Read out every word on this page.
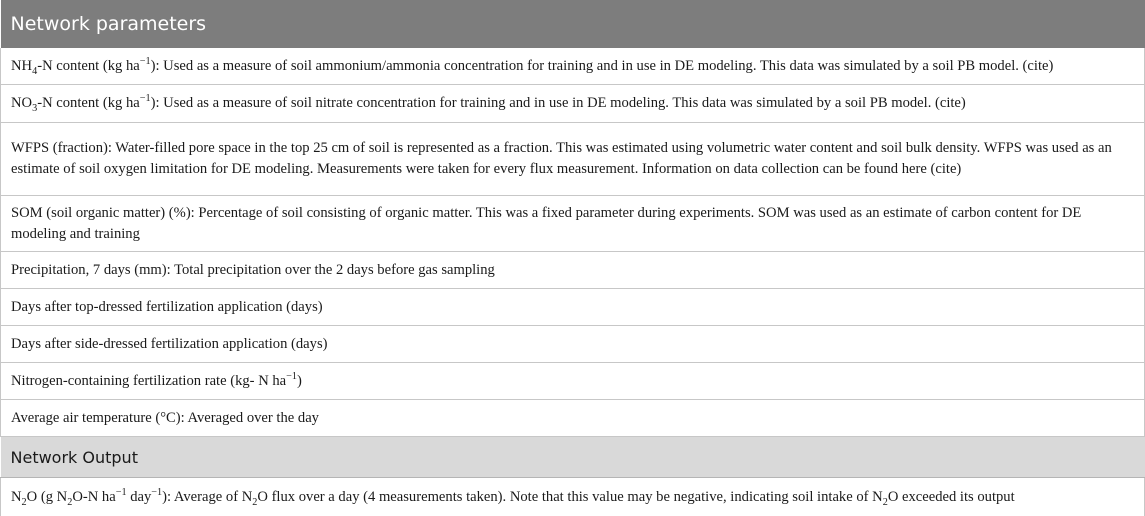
Network parameters
$NH_4-N$ content (kg $ha^{-1}$): Used as a measure of soil ammonium/ammonia concentration for training and in use in DE modeling. This data was simulated by a soil PB model. (cite)
$NO_3-N$ content (kg $ha^{-1}$): Used as a measure of soil nitrate concentration for training and in use in DE modeling. This data was simulated by a soil PB model. (cite)
WFPS (fraction): Water-filled pore space in the top 25 cm of soil is represented as a fraction. This was estimated using volumetric water content and soil bulk density. WFPS was used as an estimate of soil oxygen limitation for DE modeling. Measurements were taken for every flux measurement. Information on data collection can be found here (cite)
SOM (soil organic matter) (%): Percentage of soil consisting of organic matter. This was a fixed parameter during experiments. SOM was used as an estimate of carbon content for DE modeling and training
Precipitation, 7 days (mm): Total precipitation over the 2 days before gas sampling
Days after top-dressed fertilization application (days)
Days after side-dressed fertilization application (days)
Nitrogen-containing fertilization rate (kg- N $ha^{-1}$)
Average air temperature (°C): Averaged over the day
Network Output
$N_2O$ (g $N_2O-N$ $ha^{-1}$ day$^{-1}$): Average of $N_2O$ flux over a day (4 measurements taken). Note that this value may be negative, indicating soil intake of $N_2O$ exceeded its output
